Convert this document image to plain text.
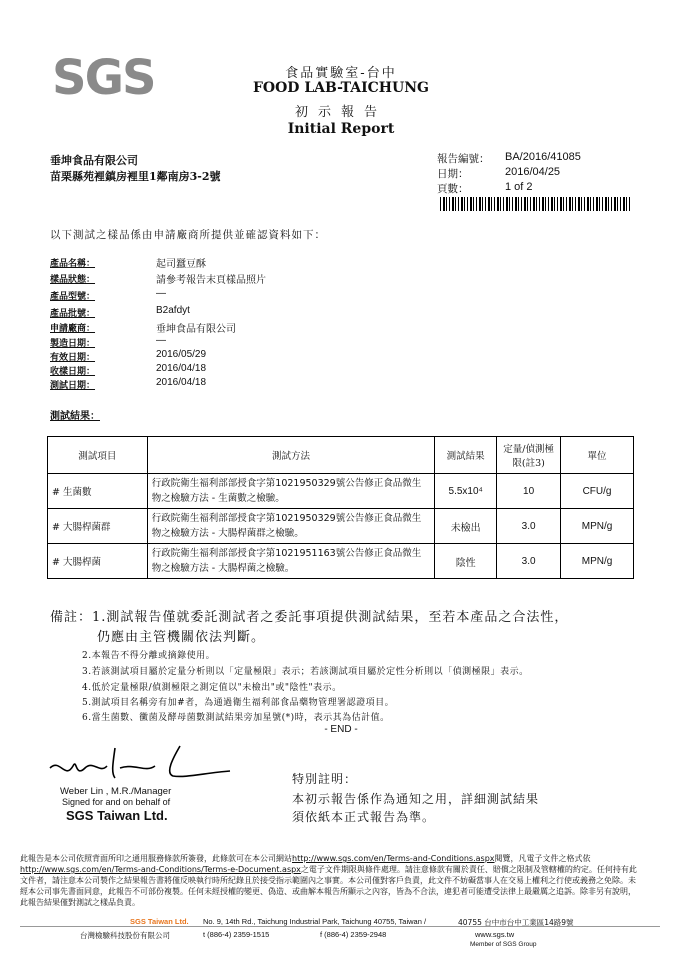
SGS	食品實驗室-台中
FOOD LAB-TAICHUNG
初示報告
Initial Report
垂坤食品有限公司
苗栗縣苑裡鎮房裡里1鄰南房3-2號
報告編號：	BA/2016/41085
日期：	2016/04/25
頁數：	1 of 2
以下測試之樣品係由申請廠商所提供並確認資料如下：
產品名稱：	起司蠶豆酥
樣品狀態：	請參考報告末頁樣品照片
產品型號：	—
產品批號：	B2afdyt
申請廠商：	垂坤食品有限公司
製造日期：	—
有效日期：	2016/05/29
收樣日期：	2016/04/18
測試日期：	2016/04/18
測試結果：
測試項目	測試方法	測試結果	定量/偵測極限(註3)	單位
# 生菌數	行政院衛生福利部部授食字第1021950329號公告修正食品微生物之檢驗方法 - 生菌數之檢驗。	5.5x10⁴	10	CFU/g
# 大腸桿菌群	行政院衛生福利部部授食字第1021950329號公告修正食品微生物之檢驗方法 - 大腸桿菌群之檢驗。	未檢出	3.0	MPN/g
# 大腸桿菌	行政院衛生福利部部授食字第1021951163號公告修正食品微生物之檢驗方法 - 大腸桿菌之檢驗。	陰性	3.0	MPN/g
備註：1.測試報告僅就委託測試者之委託事項提供測試結果，至若本產品之合法性，
仍應由主管機關依法判斷。
2.本報告不得分離或摘錄使用。
3.若該測試項目屬於定量分析則以「定量極限」表示；若該測試項目屬於定性分析則以「偵測極限」表示。
4.低於定量極限/偵測極限之測定值以"未檢出"或"陰性"表示。
5.測試項目名稱旁有加#者，為通過衛生福利部食品藥物管理署認證項目。
6.當生菌數、黴菌及酵母菌數測試結果旁加星號(*)時，表示其為估計值。
- END -
Weber Lin , M.R./Manager
Signed for and on behalf of
SGS Taiwan Ltd.
特別註明：
本初示報告係作為通知之用，詳細測試結果
須依紙本正式報告為準。
此報告是本公司依照背面所印之通用服務條款所簽發，此條款可在本公司網站http://www.sgs.com/en/Terms-and-Conditions.aspx閱覽，凡電子文件之格式依http://www.sgs.com/en/Terms-and-Conditions/Terms-e-Document.aspx之電子文件期限與條件處理。請注意條款有關於責任、賠償之限制及管轄權的約定。任何持有此文件者，請注意本公司製作之結果報告書將僅反映執行時所紀錄且於接受指示範圍內之事實。本公司僅對客戶負責，此文件不妨礙當事人在交易上權利之行使或義務之免除。未經本公司事先書面同意，此報告不可部份複製。任何未經授權的變更、偽造、或曲解本報告所顯示之內容，皆為不合法，違犯者可能遭受法律上最嚴厲之追訴。除非另有說明，此報告結果僅對測試之樣品負責。
SGS Taiwan Ltd.
台灣檢驗科技股份有限公司
No. 9, 14th Rd., Taichung Industrial Park, Taichung 40755, Taiwan /	40755 台中市台中工業區14路9號
t (886-4) 2359-1515	f (886-4) 2359-2948	www.sgs.tw
Member of SGS Group
